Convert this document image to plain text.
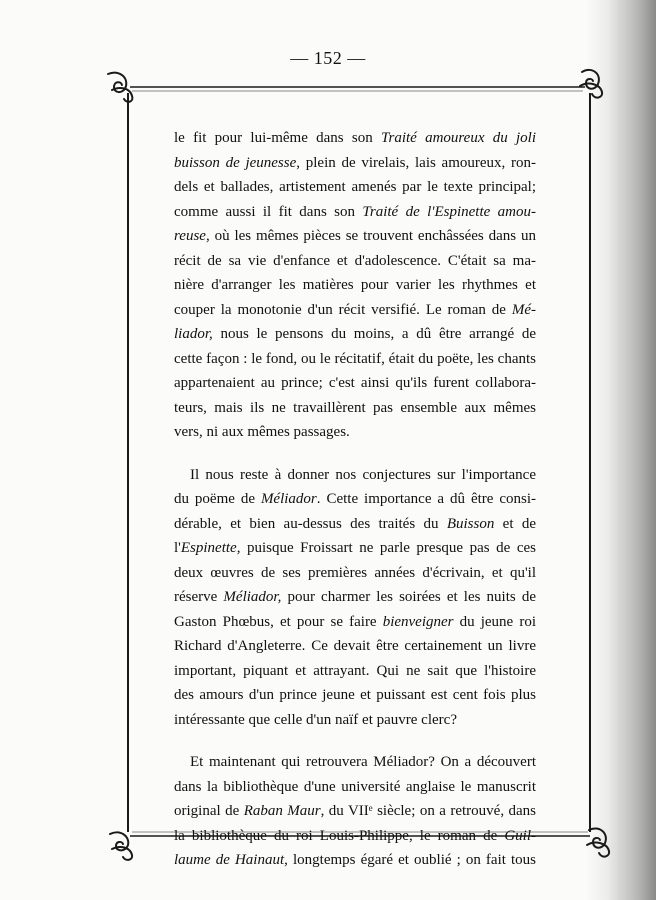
— 152 —
le fit pour lui-même dans son Traité amoureux du joli
buisson de jeunesse, plein de virelais, lais amoureux, ron-
dels et ballades, artistement amenés par le texte principal;
comme aussi il fit dans son Traité de l'Espinette amou-
reuse, où les mêmes pièces se trouvent enchâssées dans un
récit de sa vie d'enfance et d'adolescence. C'était sa ma-
nière d'arranger les matières pour varier les rhythmes et
couper la monotonie d'un récit versifié. Le roman de Mé-
liador, nous le pensons du moins, a dû être arrangé de
cette façon : le fond, ou le récitatif, était du poëte, les chants
appartenaient au prince; c'est ainsi qu'ils furent collabora-
teurs, mais ils ne travaillèrent pas ensemble aux mêmes
vers, ni aux mêmes passages.
Il nous reste à donner nos conjectures sur l'importance
du poëme de Méliador. Cette importance a dû être consi-
dérable, et bien au-dessus des traités du Buisson et de
l'Espinette, puisque Froissart ne parle presque pas de ces
deux œuvres de ses premières années d'écrivain, et qu'il
réserve Méliador, pour charmer les soirées et les nuits de
Gaston Phœbus, et pour se faire bienveigner du jeune roi
Richard d'Angleterre. Ce devait être certainement un livre
important, piquant et attrayant. Qui ne sait que l'histoire
des amours d'un prince jeune et puissant est cent fois plus
intéressante que celle d'un naïf et pauvre clerc?
Et maintenant qui retrouvera Méliador? On a découvert
dans la bibliothèque d'une université anglaise le manuscrit
original de Raban Maur, du VIIᵉ siècle; on a retrouvé, dans
la bibliothèque du roi Louis-Philippe, le roman de Guil-
laume de Hainaut, longtemps égaré et oublié ; on fait tous
